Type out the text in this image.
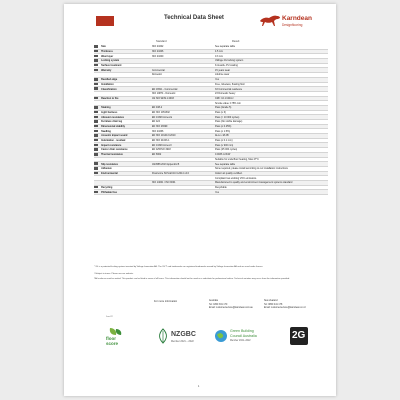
Technical Data Sheet	Karndean
Designflooring
Standard	Result
	Size	ISO 24342	See separate table

	Thickness	ISO 24346	4.5 mm

	Wear layer	ISO 24340	0.3 mm

	Locking system		Välinge 2G locking system

	Surface treatment		K-Guard+ PU coating

	Warranty	Commercial	15 years wear
		Domestic	Lifetime wear

	Bevelled edge		Yes

	Installation		Free, Glueless, floating floor

	Classification	EN 16511 - Commercial	33 Commercial residence
		ISO 10874 - Domestic	23 Domestic heavy

	Reaction to fire	AS ISO 9239.1:2003	CRF: 10.1 kW/m²
			Smoke value: 175% min

	Staining	EN 438-2	Pass (Grade 5)

	Light fastness	EN ISO 105-B02	Pass (≥ 6)

	Abrasion resistance	EN 13329 Annex E	Pass (> 10 000 cycles)

	Furniture chair leg	EN 424	Pass (No visible damage)

	Dimensional stability	EN ISO 23999	Pass (≤ 0.25%)

	Swelling	ISO 24336	Pass (≤ 1.5%)

	Acoustic impact sound	EN ISO 10140-3:2010	ΔLw ≥ 18 dB

	Indentation - residual	EN ISO 24343-1	Pass (≤ 0.1 mm)

	Impact resistance	EN 13329 Annex F	Pass (≥ 900 mm)

	Castor chair resistance	EN 425/ISO 4918	Pass (25 000 cycles)

	Thermal resistance	EN 8302	0.0036 m²K/W
			Suitable for underfloor heating, Max 27°C

	Slip resistance	AS4586:2013 Appendix B	See separate table

	Adhesive		None required, please install according to our installation instructions

	Environmental	Floorscore SCS-EC10.3-2014 v4.0	Indoor air quality certified.
			Compliant low emitting VOC emissions.
		ISO 14001 / ISO 9001	Manufactured to quality and environment management systems standard

	Recycling		Recyclable

	Phthalate free		Yes
* 2G is a patented locking system invented by Välinge Innovation AB. The 2G™ and trademarks are registered trademarks owned by Välinge Innovation AB and are used under licence.
¹ Subject to terms. Please see our website.
² All surfaces must be sealed. This product can be fitted in areas of all forms. This information should not be used as a substitute for professional advice. Technical variation may occur from the information provided.
For more information	Australia
Tel: 1800 331 170
Email: customerservice@karndean.com.au
New Zealand
Tel: 0800 441 178
Email: customerservice@karndean.co.nz
Jan-22
floor
score
NZGBC
Member 2021 – 2022
Green Building
Council Australia
Member 2021–2022	2G
1
